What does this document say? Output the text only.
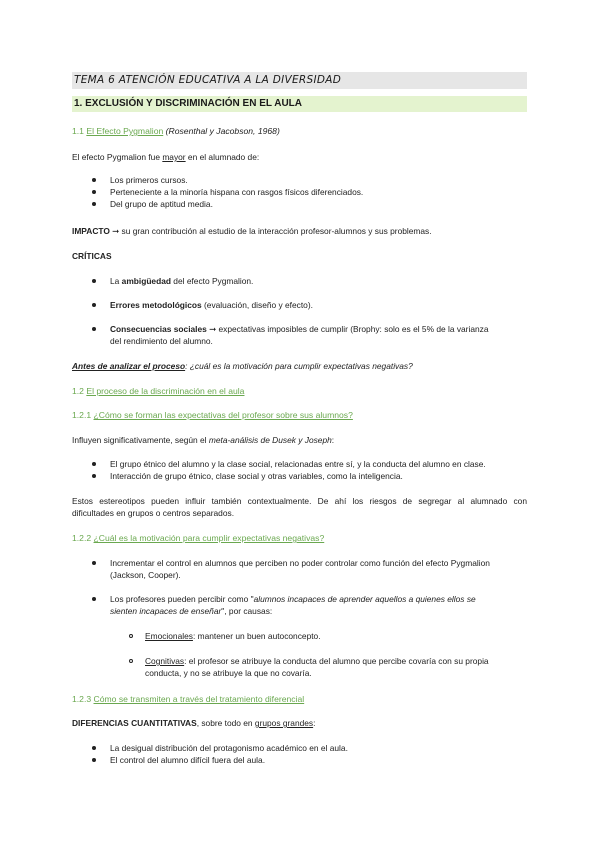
TEMA 6 ATENCIÓN EDUCATIVA A LA DIVERSIDAD
1. EXCLUSIÓN Y DISCRIMINACIÓN EN EL AULA
1.1 El Efecto Pygmalion (Rosenthal y Jacobson, 1968)
El efecto Pygmalion fue mayor en el alumnado de:
Los primeros cursos.
Perteneciente a la minoría hispana con rasgos físicos diferenciados.
Del grupo de aptitud media.
IMPACTO ➞ su gran contribución al estudio de la interacción profesor-alumnos y sus problemas.
CRÍTICAS
La ambigüedad del efecto Pygmalion.
Errores metodológicos (evaluación, diseño y efecto).
Consecuencias sociales ➞ expectativas imposibles de cumplir (Brophy: solo es el 5% de la varianza
del rendimiento del alumno.
Antes de analizar el proceso: ¿cuál es la motivación para cumplir expectativas negativas?
1.2 El proceso de la discriminación en el aula
1.2.1 ¿Cómo se forman las expectativas del profesor sobre sus alumnos?
Influyen significativamente, según el meta-análisis de Dusek y Joseph:
El grupo étnico del alumno y la clase social, relacionadas entre sí, y la conducta del alumno en clase.
Interacción de grupo étnico, clase social y otras variables, como la inteligencia.
Estos estereotipos pueden influir también contextualmente. De ahí los riesgos de segregar al alumnado con
dificultades en grupos o centros separados.
1.2.2 ¿Cuál es la motivación para cumplir expectativas negativas?
Incrementar el control en alumnos que perciben no poder controlar como función del efecto Pygmalion
(Jackson, Cooper).
Los profesores pueden percibir como "alumnos incapaces de aprender aquellos a quienes ellos se
sienten incapaces de enseñar", por causas:
Emocionales: mantener un buen autoconcepto.
Cognitivas: el profesor se atribuye la conducta del alumno que percibe covaría con su propia
conducta, y no se atribuye la que no covaría.
1.2.3 Cómo se transmiten a través del tratamiento diferencial
DIFERENCIAS CUANTITATIVAS, sobre todo en grupos grandes:
La desigual distribución del protagonismo académico en el aula.
El control del alumno difícil fuera del aula.
